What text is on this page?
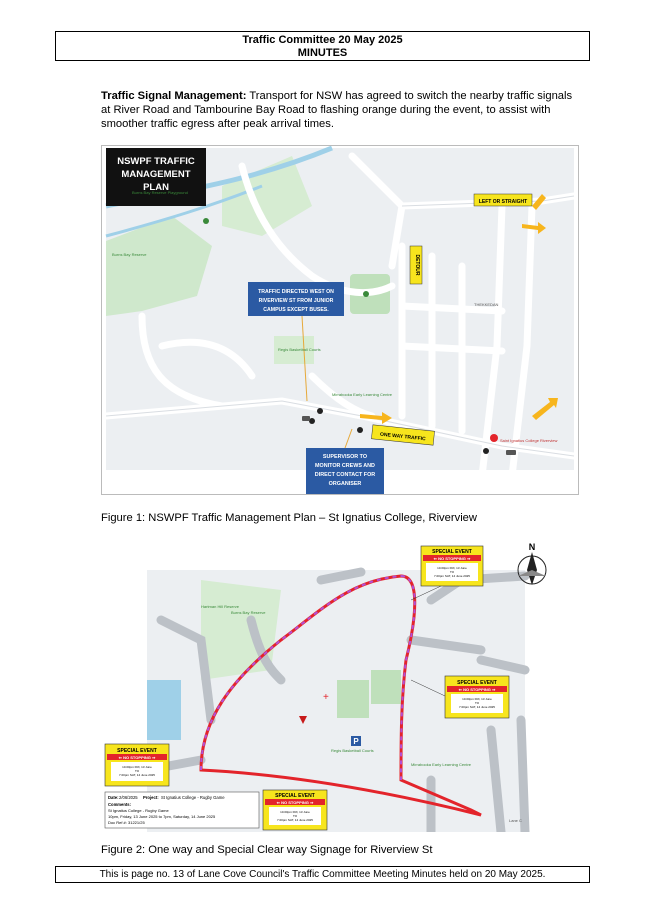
Traffic Committee 20 May 2025
MINUTES
Traffic Signal Management: Transport for NSW has agreed to switch the nearby traffic signals at River Road and Tambourine Bay Road to flashing orange during the event, to assist with smoother traffic egress after peak arrival times.
NSWPF TRAFFIC
MANAGEMENT
PLAN
TRAFFIC DIRECTED WEST ON
RIVERVIEW ST FROM JUNIOR
CAMPUS EXCEPT BUSES.
SUPERVISOR TO
MONITOR CREWS AND
DIRECT CONTACT FOR
ORGANISER
LEFT OR STRAIGHT
DETOUR
ONE WAY TRAFFIC
Burns Bay Reserve Playground
Burns Bay Reserve
Regis Basketball Courts
Mirrabooka Early Learning Centre
THEKKEDAN
Saint Ignatius College Riverview
Figure 1: NSWPF Traffic Management Plan – St Ignatius College, Riverview
+
P
Regis Basketball Courts
Burns Bay Reserve
Hartman Hill Reserve
Mirrabooka Early Learning Centre
Lane C
N
SPECIAL EVENT
⇐ NO STOPPING ⇒
10.00pm FRI, 13 June
TO
7.00pm SAT, 14 June 2025
SPECIAL EVENT
⇐ NO STOPPING ⇒
10.00pm FRI, 13 June
TO
7.00pm SAT, 14 June 2025
SPECIAL EVENT
⇐ NO STOPPING ⇒
10.00pm FRI, 13 June
TO
7.00pm SAT, 14 June 2025
SPECIAL EVENT
⇐ NO STOPPING ⇒
10.00pm FRI, 13 June
TO
7.00pm SAT, 14 June 2025
Date: 2/06/2025 Project: St Ignatius College - Rugby Game
Comments:
St Ignatius College - Rugby Game
10pm, Friday, 13 June 2025 to 7pm, Saturday, 14 June 2025
Doc Ref #: 31221/25
Figure 2: One way and Special Clear way Signage for Riverview St
This is page no. 13 of Lane Cove Council's Traffic Committee Meeting Minutes held on 20 May 2025.
